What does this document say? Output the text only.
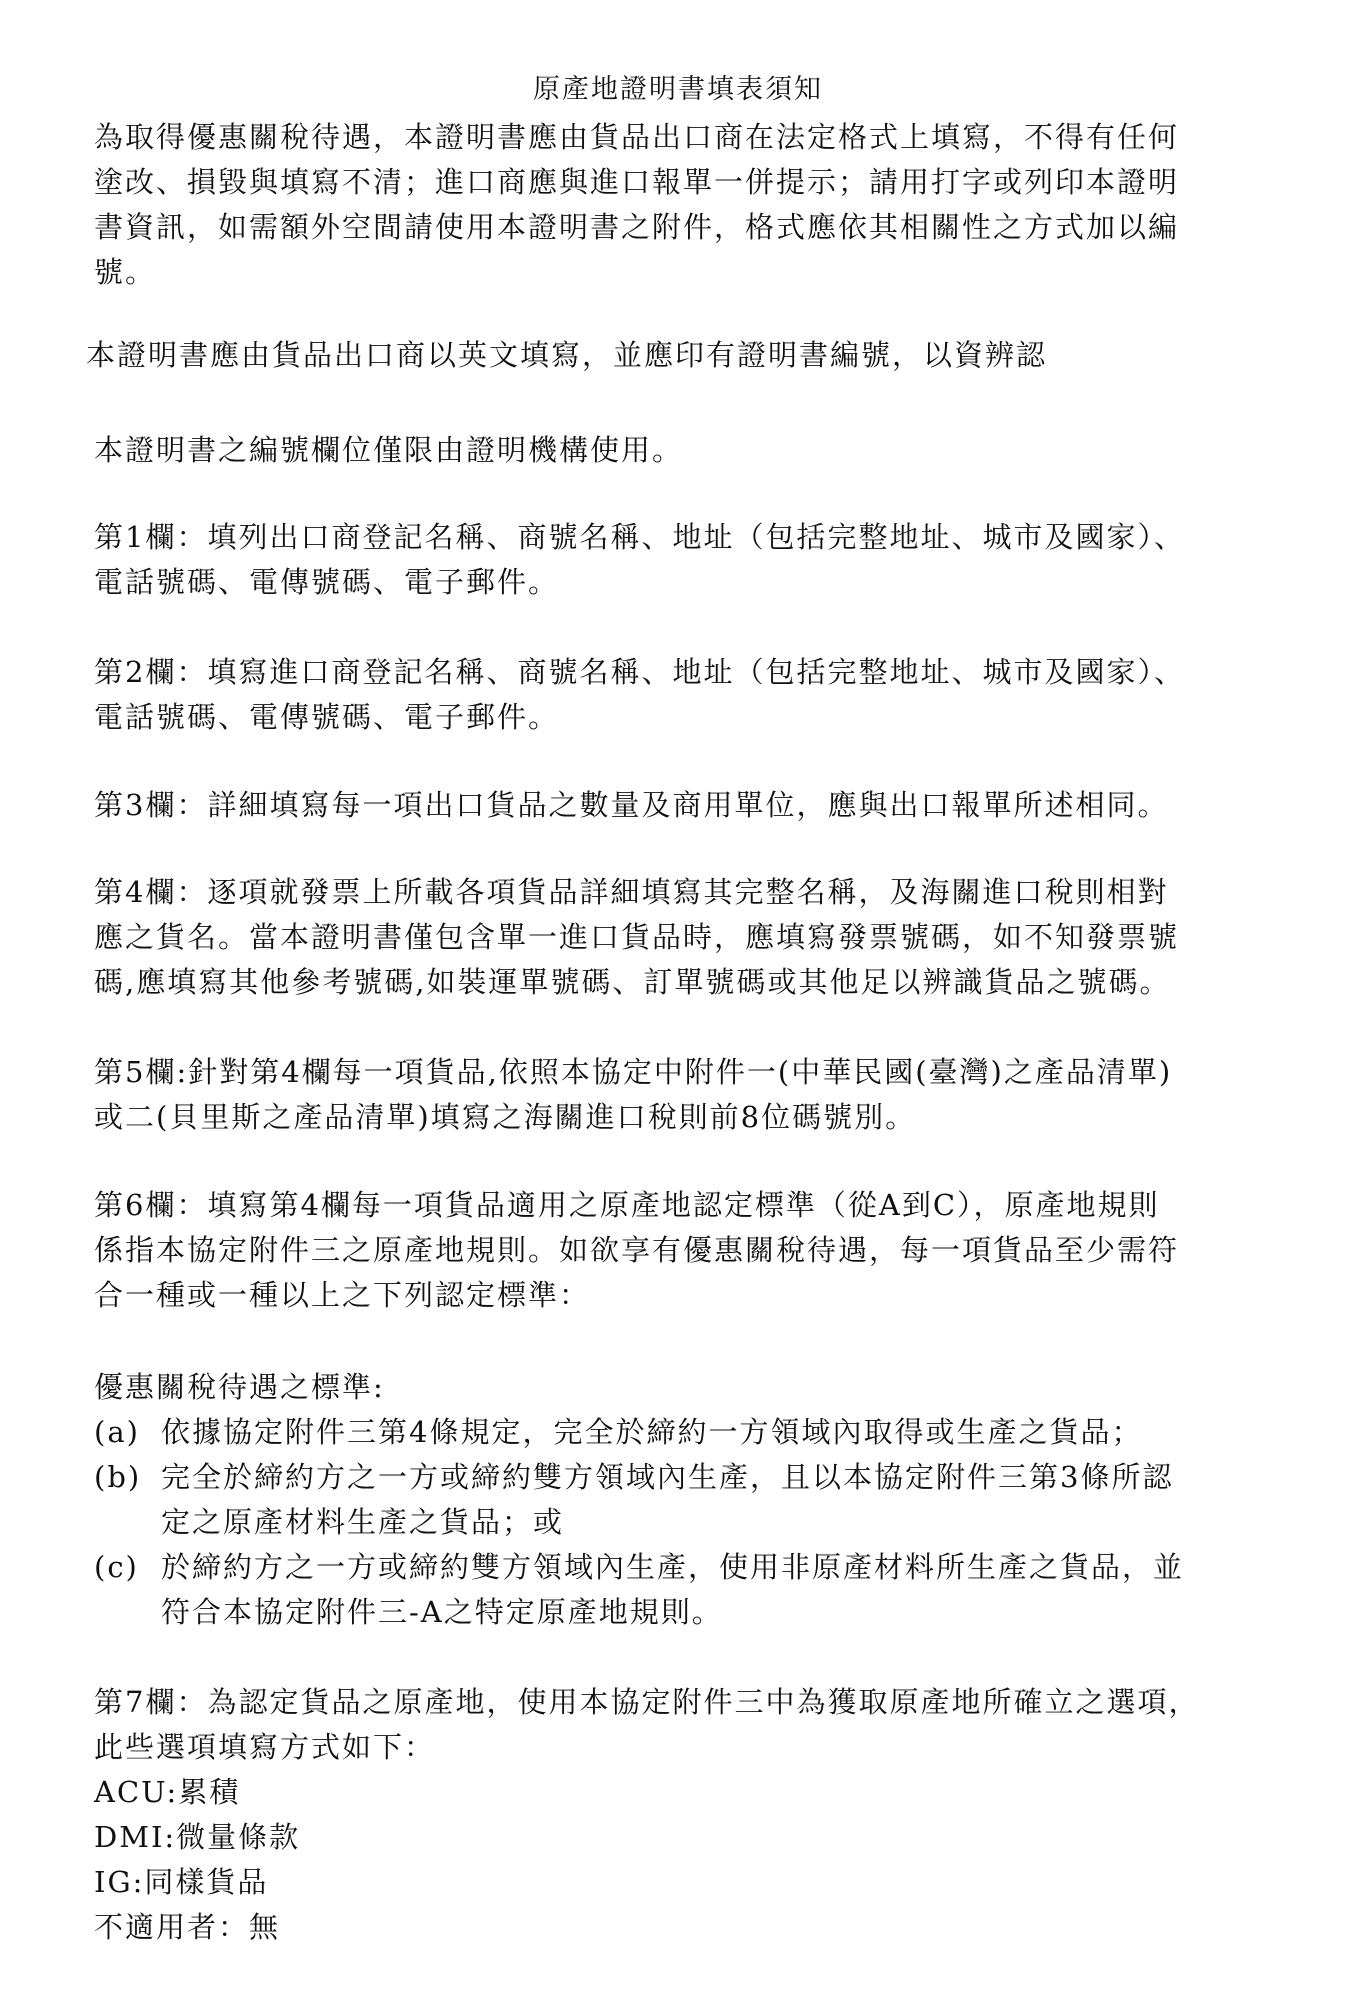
原產地證明書填表須知
為取得優惠關稅待遇，本證明書應由貨品出口商在法定格式上填寫，不得有任何
塗改、損毀與填寫不清；進口商應與進口報單一併提示；請用打字或列印本證明
書資訊，如需額外空間請使用本證明書之附件，格式應依其相關性之方式加以編
號。
本證明書應由貨品出口商以英文填寫，並應印有證明書編號，以資辨認
本證明書之編號欄位僅限由證明機構使用。
第1欄：填列出口商登記名稱、商號名稱、地址（包括完整地址、城市及國家）、
電話號碼、電傳號碼、電子郵件。
第2欄：填寫進口商登記名稱、商號名稱、地址（包括完整地址、城市及國家）、
電話號碼、電傳號碼、電子郵件。
第3欄：詳細填寫每一項出口貨品之數量及商用單位，應與出口報單所述相同。
第4欄：逐項就發票上所載各項貨品詳細填寫其完整名稱，及海關進口稅則相對
應之貨名。當本證明書僅包含單一進口貨品時，應填寫發票號碼，如不知發票號
碼,應填寫其他參考號碼,如裝運單號碼、訂單號碼或其他足以辨識貨品之號碼。
第5欄:針對第4欄每一項貨品,依照本協定中附件一(中華民國(臺灣)之產品清單)
或二(貝里斯之產品清單)填寫之海關進口稅則前8位碼號別。
第6欄：填寫第4欄每一項貨品適用之原產地認定標準（從A到C），原產地規則
係指本協定附件三之原產地規則。如欲享有優惠關稅待遇，每一項貨品至少需符
合一種或一種以上之下列認定標準：
優惠關稅待遇之標準:
(a) 依據協定附件三第4條規定，完全於締約一方領域內取得或生產之貨品；
(b) 完全於締約方之一方或締約雙方領域內生產，且以本協定附件三第3條所認
定之原產材料生產之貨品；或
(c) 於締約方之一方或締約雙方領域內生產，使用非原產材料所生產之貨品，並
符合本協定附件三-A之特定原產地規則。
第7欄：為認定貨品之原產地，使用本協定附件三中為獲取原產地所確立之選項，
此些選項填寫方式如下：
ACU:累積
DMI:微量條款
IG:同樣貨品
不適用者：無
